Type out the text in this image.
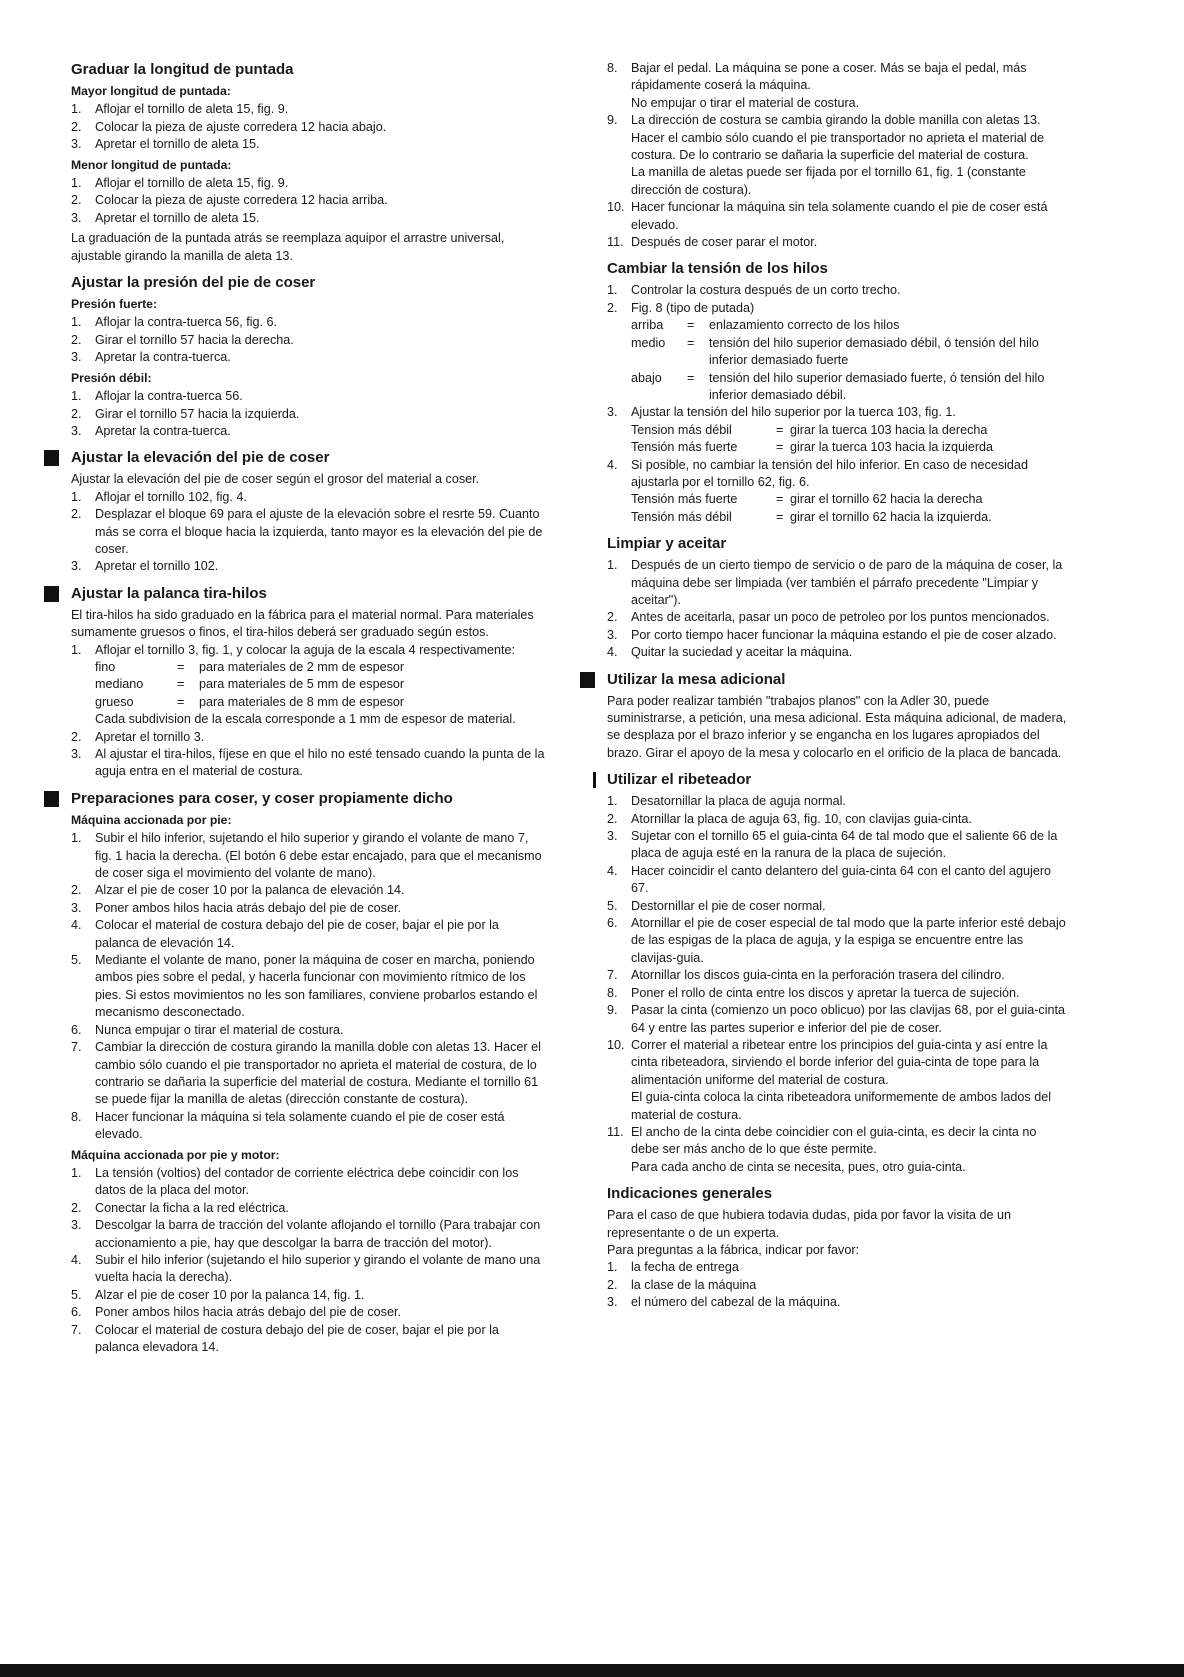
Graduar la longitud de puntada
Mayor longitud de puntada:
1.	Aflojar el tornillo de aleta 15, fig. 9.
2.	Colocar la pieza de ajuste corredera 12 hacia abajo.
3.	Apretar el tornillo de aleta 15.
Menor longitud de puntada:
1.	Aflojar el tornillo de aleta 15, fig. 9.
2.	Colocar la pieza de ajuste corredera 12 hacia arriba.
3.	Apretar el tornillo de aleta 15.

La graduación de la puntada atrás se reemplaza aquipor el arrastre universal, ajustable girando la manilla de aleta 13.

Ajustar la presión del pie de coser
Presión fuerte:
1.	Aflojar la contra-tuerca 56, fig. 6.
2.	Girar el tornillo 57 hacia la derecha.
3.	Apretar la contra-tuerca.
Presión débil:
1.	Aflojar la contra-tuerca 56.
2.	Girar el tornillo 57 hacia la izquierda.
3.	Apretar la contra-tuerca.
Ajustar la elevación del pie de coser

Ajustar la elevación del pie de coser según el grosor del material a coser.

1.	Aflojar el tornillo 102, fig. 4.
2.	Desplazar el bloque 69 para el ajuste de la elevación sobre el resrte 59. Cuanto más se corra el bloque hacia la izquierda, tanto mayor es la elevación del pie de coser.
3.	Apretar el tornillo 102.
Ajustar la palanca tira-hilos

El tira-hilos ha sido graduado en la fábrica para el material normal. Para materiales sumamente gruesos o finos, el tira-hilos deberá ser graduado según estos.

1.	Aflojar el tornillo 3, fig. 1, y colocar la aguja de la escala 4 respectivamente:
fino	=	para materiales de 2 mm de espesor
mediano	=	para materiales de 5 mm de espesor
grueso	=	para materiales de 8 mm de espesor
Cada subdivision de la escala corresponde a 1 mm de espesor de material.
2.	Apretar el tornillo 3.
3.	Al ajustar el tira-hilos, fíjese en que el hilo no esté tensado cuando la punta de la aguja entra en el material de costura.
Preparaciones para coser, y coser propiamente dicho
Máquina accionada por pie:
1.	Subir el hilo inferior, sujetando el hilo superior y girando el volante de mano 7, fig. 1 hacia la derecha. (El botón 6 debe estar encajado, para que el mecanismo de coser siga el movimiento del volante de mano).
2.	Alzar el pie de coser 10 por la palanca de elevación 14.
3.	Poner ambos hilos hacia atrás debajo del pie de coser.
4.	Colocar el material de costura debajo del pie de coser, bajar el pie por la palanca de elevación 14.
5.	Mediante el volante de mano, poner la máquina de coser en marcha, poniendo ambos pies sobre el pedal, y hacerla funcionar con movimiento rítmico de los pies. Si estos movimientos no les son familiares, conviene probarlos estando el mecanismo desconectado.
6.	Nunca empujar o tirar el material de costura.
7.	Cambiar la dirección de costura girando la manilla doble con aletas 13. Hacer el cambio sólo cuando el pie transportador no aprieta el material de costura, de lo contrario se dañaria la superficie del material de costura. Mediante el tornillo 61 se puede fijar la manilla de aletas (dirección constante de costura).
8.	Hacer funcionar la máquina si tela solamente cuando el pie de coser está elevado.
Máquina accionada por pie y motor:
1.	La tensión (voltios) del contador de corriente eléctrica debe coincidir con los datos de la placa del motor.
2.	Conectar la ficha a la red eléctrica.
3.	Descolgar la barra de tracción del volante aflojando el tornillo (Para trabajar con accionamiento a pie, hay que descolgar la barra de tracción del motor).
4.	Subir el hilo inferior (sujetando el hilo superior y girando el volante de mano una vuelta hacia la derecha).
5.	Alzar el pie de coser 10 por la palanca 14, fig. 1.
6.	Poner ambos hilos hacia atrás debajo del pie de coser.
7.	Colocar el material de costura debajo del pie de coser, bajar el pie por la palanca elevadora 14.
8.	Bajar el pedal. La máquina se pone a coser. Más se baja el pedal, más rápidamente coserá la máquina.
No empujar o tirar el material de costura.
9.	La dirección de costura se cambia girando la doble manilla con aletas 13. Hacer el cambio sólo cuando el pie transportador no aprieta el material de costura. De lo contrario se dañaria la superficie del material de costura.
La manilla de aletas puede ser fijada por el tornillo 61, fig. 1 (constante dirección de costura).
10. Hacer funcionar la máquina sin tela solamente cuando el pie de coser está elevado.
11. Después de coser parar el motor.
Cambiar la tensión de los hilos
1.	Controlar la costura después de un corto trecho.
2.	Fig. 8 (tipo de putada)
arriba	=	enlazamiento correcto de los hilos
medio	=	tensión del hilo superior demasiado débil, ó tensión del hilo inferior demasiado fuerte
abajo	=	tensión del hilo superior demasiado fuerte, ó tensión del hilo inferior demasiado débil.
3.	Ajustar la tensión del hilo superior por la tuerca 103, fig. 1.
Tension más débil	= girar la tuerca 103 hacia la derecha
Tensión más fuerte	= girar la tuerca 103 hacia la izquierda
4.	Si posible, no cambiar la tensión del hilo inferior. En caso de necesidad ajustarla por el tornillo 62, fig. 6.
Tensión más fuerte	= girar el tornillo 62 hacia la derecha
Tensión más débil	= girar el tornillo 62 hacia la izquierda.
Limpiar y aceitar
1.	Después de un cierto tiempo de servicio o de paro de la máquina de coser, la máquina debe ser limpiada (ver también el párrafo precedente "Limpiar y aceitar").
2.	Antes de aceitarla, pasar un poco de petroleo por los puntos mencionados.
3.	Por corto tiempo hacer funcionar la máquina estando el pie de coser alzado.
4.	Quitar la suciedad y aceitar la máquina.
Utilizar la mesa adicional

Para poder realizar también "trabajos planos" con la Adler 30, puede suministrarse, a petición, una mesa adicional. Esta máquina adicional, de madera, se desplaza por el brazo inferior y se engancha en los lugares apropiados del brazo. Girar el apoyo de la mesa y colocarlo en el orificio de la placa de bancada.

Utilizar el ribeteador
1.	Desatornillar la placa de aguja normal.
2.	Atornillar la placa de aguja 63, fig. 10, con clavijas guia-cinta.
3.	Sujetar con el tornillo 65 el guia-cinta 64 de tal modo que el saliente 66 de la placa de aguja esté en la ranura de la placa de sujeción.
4.	Hacer coincidir el canto delantero del guia-cinta 64 con el canto del agujero 67.
5.	Destornillar el pie de coser normal.
6.	Atornillar el pie de coser especial de tal modo que la parte inferior esté debajo de las espigas de la placa de aguja, y la espiga se encuentre entre las clavijas-guia.
7.	Atornillar los discos guia-cinta en la perforación trasera del cilindro.
8.	Poner el rollo de cinta entre los discos y apretar la tuerca de sujeción.
9.	Pasar la cinta (comienzo un poco oblicuo) por las clavijas 68, por el guia-cinta 64 y entre las partes superior e inferior del pie de coser.
10. Correr el material a ribetear entre los principios del guia-cinta y así entre la cinta ribeteadora, sirviendo el borde inferior del guia-cinta de tope para la alimentación uniforme del material de costura.
El guia-cinta coloca la cinta ribeteadora uniformemente de ambos lados del material de costura.
11. El ancho de la cinta debe coincidier con el guia-cinta, es decir la cinta no debe ser más ancho de lo que éste permite.
Para cada ancho de cinta se necesita, pues, otro guia-cinta.
Indicaciones generales

Para el caso de que hubiera todavia dudas, pida por favor la visita de un representante o de un experta.

Para preguntas a la fábrica, indicar por favor:

1.	la fecha de entrega
2.	la clase de la máquina
3.	el número del cabezal de la máquina.
